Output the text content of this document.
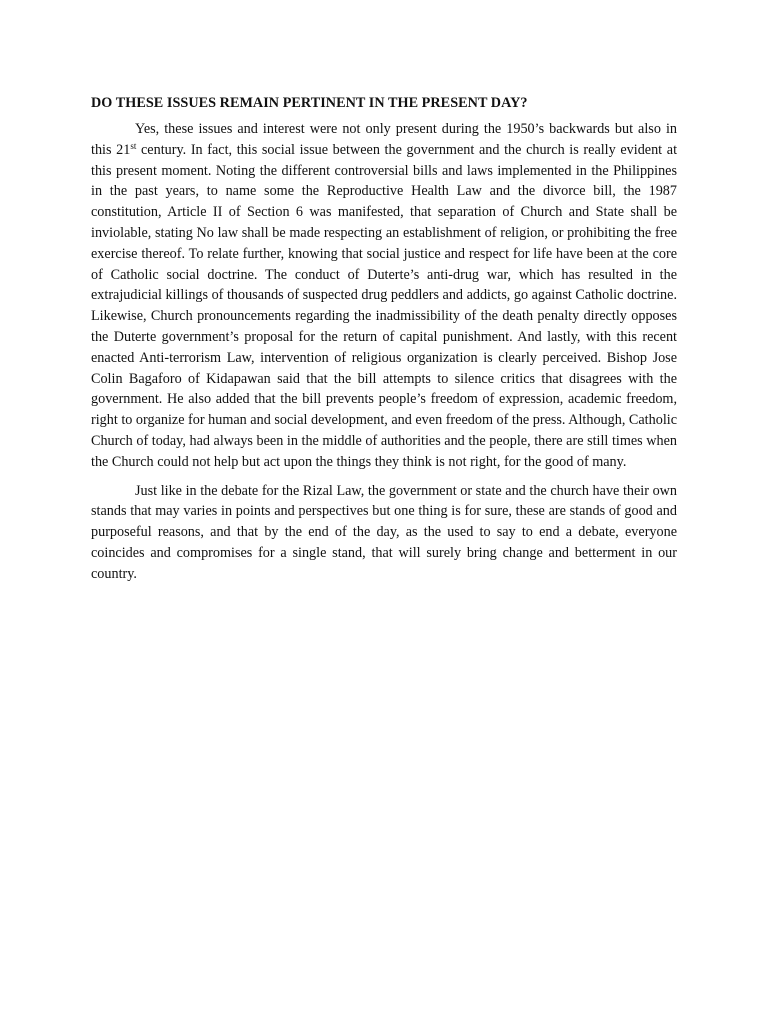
DO THESE ISSUES REMAIN PERTINENT IN THE PRESENT DAY?

Yes, these issues and interest were not only present during the 1950’s backwards but also in this 21st century. In fact, this social issue between the government and the church is really evident at this present moment. Noting the different controversial bills and laws implemented in the Philippines in the past years, to name some the Reproductive Health Law and the divorce bill, the 1987 constitution, Article II of Section 6 was manifested, that separation of Church and State shall be inviolable, stating No law shall be made respecting an establishment of religion, or prohibiting the free exercise thereof. To relate further, knowing that social justice and respect for life have been at the core of Catholic social doctrine. The conduct of Duterte’s anti-drug war, which has resulted in the extrajudicial killings of thousands of suspected drug peddlers and addicts, go against Catholic doctrine. Likewise, Church pronouncements regarding the inadmissibility of the death penalty directly opposes the Duterte government’s proposal for the return of capital punishment. And lastly, with this recent enacted Anti-terrorism Law, intervention of religious organization is clearly perceived. Bishop Jose Colin Bagaforo of Kidapawan said that the bill attempts to silence critics that disagrees with the government. He also added that the bill prevents people’s freedom of expression, academic freedom, right to organize for human and social development, and even freedom of the press. Although, Catholic Church of today, had always been in the middle of authorities and the people, there are still times when the Church could not help but act upon the things they think is not right, for the good of many.

Just like in the debate for the Rizal Law, the government or state and the church have their own stands that may varies in points and perspectives but one thing is for sure, these are stands of good and purposeful reasons, and that by the end of the day, as the used to say to end a debate, everyone coincides and compromises for a single stand, that will surely bring change and betterment in our country.
